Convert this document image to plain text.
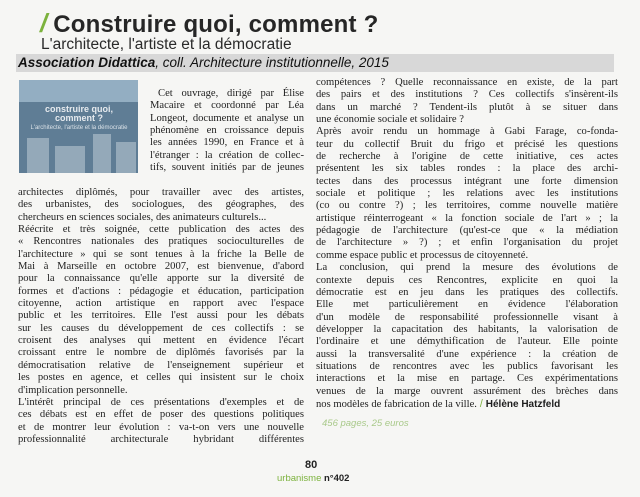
/ Construire quoi, comment ?
L'architecte, l'artiste et la démocratie
Association Didattica, coll. Architecture institutionnelle, 2015
construire quoi, comment ?
L'architecte, l'artiste et la démocratie

Cet ouvrage, dirigé par Élise

Macaire et coordonné par Léa

Longeot, documente et analyse un

phénomène en croissance depuis

les années 1990, en France et à

l'étranger : la création de collec-

tifs, souvent initiés par de jeunes

architectes diplômés, pour travailler avec des artistes,

des urbanistes, des sociologues, des géographes, des

chercheurs en sciences sociales, des animateurs culturels...

Réécrite et très soignée, cette publication des actes des

« Rencontres nationales des pratiques socioculturelles de

l'architecture » qui se sont tenues à la friche la Belle de

Mai à Marseille en octobre 2007, est bienvenue, d'abord

pour la connaissance qu'elle apporte sur la diversité de

formes et d'actions : pédagogie et éducation, participation

citoyenne, action artistique en rapport avec l'espace

public et les territoires. Elle l'est aussi pour les débats

sur les causes du développement de ces collectifs : se

croisent des analyses qui mettent en évidence l'écart

croissant entre le nombre de diplômés favorisés par la

démocratisation relative de l'enseignement supérieur et

les postes en agence, et celles qui insistent sur le choix

d'implication personnelle.

L'intérêt principal de ces présentations d'exemples et de

ces débats est en effet de poser des questions politiques

et de montrer leur évolution : va-t-on vers une nouvelle

professionnalité architecturale hybridant différentes

compétences ? Quelle reconnaissance en existe, de la part

des pairs et des institutions ? Ces collectifs s'insèrent-ils

dans un marché ? Tendent-ils plutôt à se situer dans

une économie sociale et solidaire ?

Après avoir rendu un hommage à Gabi Farage, co-fonda-

teur du collectif Bruit du frigo et précisé les questions

de recherche à l'origine de cette initiative, ces actes

présentent les six tables rondes : la place des archi-

tectes dans des processus intégrant une forte dimension

sociale et politique ; les relations avec les institutions

(co ou contre ?) ; les territoires, comme nouvelle matière

artistique réinterrogeant « la fonction sociale de l'art » ; la

pédagogie de l'architecture (qu'est-ce que « la médiation

de l'architecture » ?) ; et enfin l'organisation du projet

comme espace public et processus de citoyenneté.

La conclusion, qui prend la mesure des évolutions de

contexte depuis ces Rencontres, explicite en quoi la

démocratie est en jeu dans les pratiques des collectifs.

Elle met particulièrement en évidence l'élaboration

d'un modèle de responsabilité professionnelle visant à

développer la capacitation des habitants, la valorisation de

l'ordinaire et une démythification de l'auteur. Elle pointe

aussi la transversalité d'une expérience : la création de

situations de rencontres avec les publics favorisant les

interactions et la mise en partage. Ces expérimentations

venues de la marge ouvrent assurément des brèches dans

nos modèles de fabrication de la ville. / Hélène Hatzfeld

456 pages, 25 euros
80
urbanisme n°402
